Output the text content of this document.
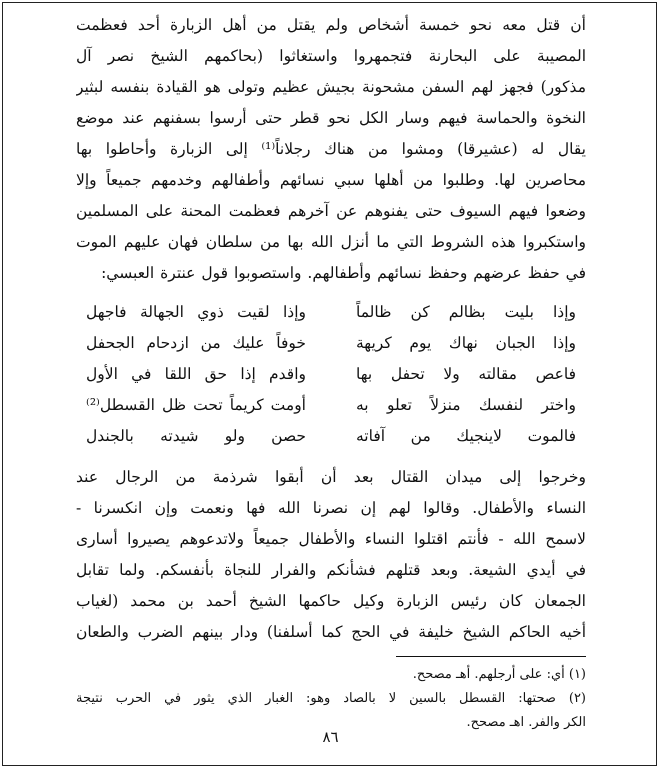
أن قتل معه نحو خمسة أشخاص ولم يقتل من أهل الزبارة أحد فعظمت
المصيبة على البحارنة فتجمهروا واستغاثوا (بحاكمهم الشيخ نصر آل
مذكور) فجهز لهم السفن مشحونة بجيش عظيم وتولى هو القيادة بنفسه لبثير
النخوة والحماسة فيهم وسار الكل نحو قطر حتى أرسوا بسفنهم عند موضع
يقال له (عشيرقا) ومشوا من هناك رجلاناً⁽¹⁾ إلى الزبارة وأحاطوا بها
محاصرين لها. وطلبوا من أهلها سبي نسائهم وأطفالهم وخدمهم جميعاً وإلا
وضعوا فيهم السيوف حتى يفنوهم عن آخرهم فعظمت المحنة على المسلمين
واستكبروا هذه الشروط التي ما أنزل الله بها من سلطان فهان عليهم الموت
في حفظ عرضهم وحفظ نسائهم وأطفالهم. واستصوبوا قول عنترة العبسي:
وإذا بليت بظالم كن ظالماً
وإذا لقيت ذوي الجهالة فاجهل
وإذا الجبان نهاك يوم كريهة
خوفاً عليك من ازدحام الجحفل
فاعص مقالته ولا تحفل بها
واقدم إذا حق اللقا في الأول
واختر لنفسك منزلاً تعلو به
أومت كريماً تحت ظل القسطل⁽²⁾
فالموت لاينجيك من آفاته
حصن ولو شيدته بالجندل
وخرجوا إلى ميدان القتال بعد أن أبقوا شرذمة من الرجال عند
النساء والأطفال. وقالوا لهم إن نصرنا الله فها ونعمت وإن انكسرنا -
لاسمح الله - فأنتم اقتلوا النساء والأطفال جميعاً ولاتدعوهم يصيروا أسارى
في أيدي الشيعة. وبعد قتلهم فشأنكم والفرار للنجاة بأنفسكم. ولما تقابل
الجمعان كان رئيس الزبارة وكيل حاكمها الشيخ أحمد بن محمد (لغياب
أخيه الحاكم الشيخ خليفة في الحج كما أسلفنا) ودار بينهم الضرب والطعان
(١) أي: على أرجلهم. أهـ مصحح.
(٢) صحتها: القسطل بالسين لا بالصاد وهو: الغبار الذي يثور في الحرب نتيجة
الكر والفر. اهـ مصحح.
٨٦
